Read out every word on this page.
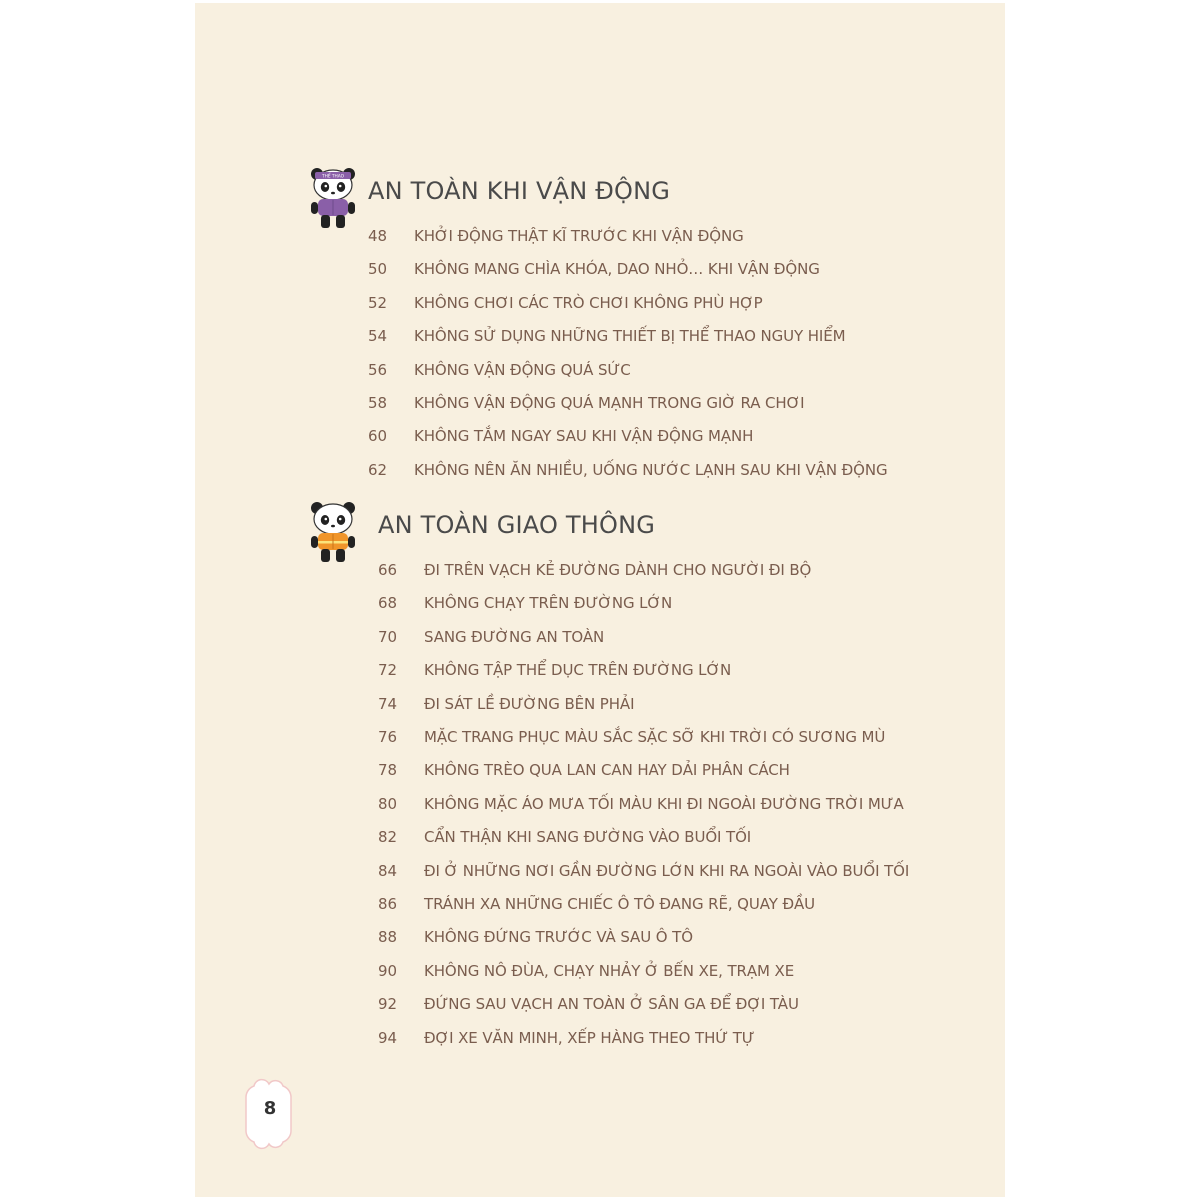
THỂ THAO AN TOÀN KHI VẬN ĐỘNG
48	KHỞI ĐỘNG THẬT KĨ TRƯỚC KHI VẬN ĐỘNG
50	KHÔNG MANG CHÌA KHÓA, DAO NHỎ… KHI VẬN ĐỘNG
52	KHÔNG CHƠI CÁC TRÒ CHƠI KHÔNG PHÙ HỢP
54	KHÔNG SỬ DỤNG NHỮNG THIẾT BỊ THỂ THAO NGUY HIỂM
56	KHÔNG VẬN ĐỘNG QUÁ SỨC
58	KHÔNG VẬN ĐỘNG QUÁ MẠNH TRONG GIỜ RA CHƠI
60	KHÔNG TẮM NGAY SAU KHI VẬN ĐỘNG MẠNH
62	KHÔNG NÊN ĂN NHIỀU, UỐNG NƯỚC LẠNH SAU KHI VẬN ĐỘNG
AN TOÀN GIAO THÔNG
66	ĐI TRÊN VẠCH KẺ ĐƯỜNG DÀNH CHO NGƯỜI ĐI BỘ
68	KHÔNG CHẠY TRÊN ĐƯỜNG LỚN
70	SANG ĐƯỜNG AN TOÀN
72	KHÔNG TẬP THỂ DỤC TRÊN ĐƯỜNG LỚN
74	ĐI SÁT LỀ ĐƯỜNG BÊN PHẢI
76	MẶC TRANG PHỤC MÀU SẮC SẶC SỠ KHI TRỜI CÓ SƯƠNG MÙ
78	KHÔNG TRÈO QUA LAN CAN HAY DẢI PHÂN CÁCH
80	KHÔNG MẶC ÁO MƯA TỐI MÀU KHI ĐI NGOÀI ĐƯỜNG TRỜI MƯA
82	CẨN THẬN KHI SANG ĐƯỜNG VÀO BUỔI TỐI
84	ĐI Ở NHỮNG NƠI GẦN ĐƯỜNG LỚN KHI RA NGOÀI VÀO BUỔI TỐI
86	TRÁNH XA NHỮNG CHIẾC Ô TÔ ĐANG RẼ, QUAY ĐẦU
88	KHÔNG ĐỨNG TRƯỚC VÀ SAU Ô TÔ
90	KHÔNG NÔ ĐÙA, CHẠY NHẢY Ở BẾN XE, TRẠM XE
92	ĐỨNG SAU VẠCH AN TOÀN Ở SÂN GA ĐỂ ĐỢI TÀU
94	ĐỢI XE VĂN MINH, XẾP HÀNG THEO THỨ TỰ
8
